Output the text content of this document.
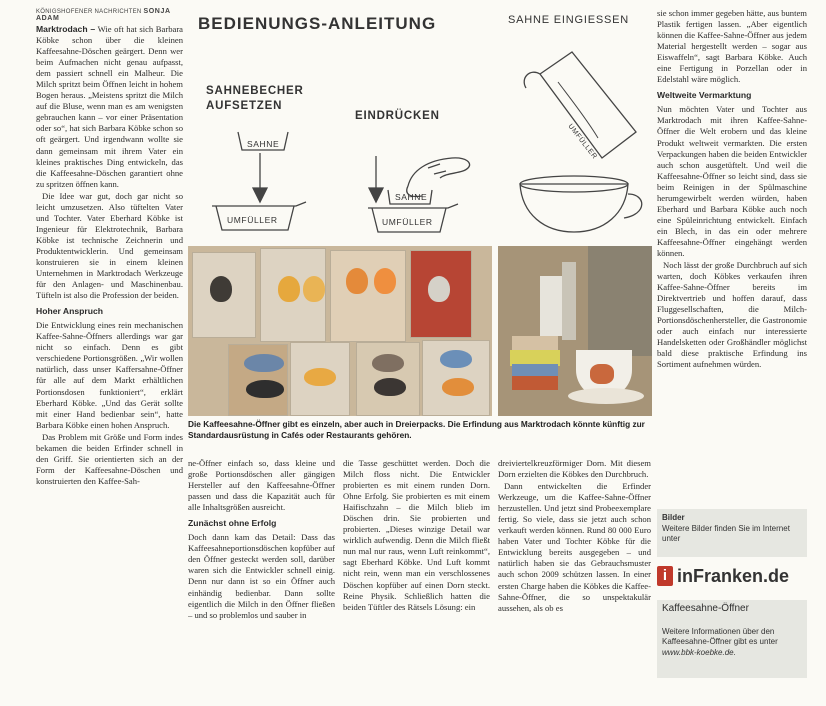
KÖNIGSHOFENER NACHRICHTEN SONJA ADAM

Marktrodach – Wie oft hat sich Barbara Köbke schon über die kleinen Kaffeesahne-Döschen geärgert. Denn wer beim Aufmachen nicht genau aufpasst, dem passiert schnell ein Malheur. Die Milch spritzt beim Öffnen leicht in hohem Bogen heraus. „Meistens spritzt die Milch auf die Bluse, wenn man es am wenigsten gebrauchen kann – vor einer Präsentation oder so“, hat sich Barbara Köbke schon so oft geärgert. Und irgendwann wollte sie dann gemeinsam mit ihrem Vater ein kleines praktisches Ding entwickeln, das die Kaffeesahne-Döschen garantiert ohne zu spritzen öffnen kann.

Die Idee war gut, doch gar nicht so leicht umzusetzen. Also tüftelten Vater und Tochter. Vater Eberhard Köbke ist Ingenieur für Elektrotechnik, Barbara Köbke ist technische Zeichnerin und Produktentwicklerin. Und gemeinsam konstruieren sie in einem kleinen Unternehmen in Marktrodach Werkzeuge für den Anlagen- und Maschinenbau. Tüfteln ist also die Profession der beiden.

Hoher Anspruch

Die Entwicklung eines rein mechanischen Kaffee-Sahne-Öffners allerdings war gar nicht so einfach. Denn es gibt verschiedene Portionsgrößen. „Wir wollen natürlich, dass unser Kaffersahne-Öffner für alle auf dem Markt erhältlichen Portionsdosen funktioniert“, erklärt Eberhard Köbke. „Und das Gerät sollte mit einer Hand bedienbar sein“, hatte Barbara Köbke einen hohen Anspruch.

Das Problem mit Größe und Form indes bekamen die beiden Erfinder schnell in den Griff. Sie orientierten sich an der Form der Kaffeesahne-Döschen und konstruierten den Kaffee-Sah-

BEDIENUNGS-ANLEITUNG
SAHNEBECHER
AUFSETZEN
EINDRÜCKEN
SAHNE EINGIESSEN
SAHNE
UMFÜLLER
SAHNE
UMFÜLLER
UMFÜLLER
Die Kaffeesahne-Öffner gibt es einzeln, aber auch in Dreierpacks. Die Erfindung aus Marktrodach könnte künftig zur Standardausrüstung in Cafés oder Restaurants gehören.

ne-Öffner einfach so, dass kleine und große Portionsdöschen aller gängigen Hersteller auf den Kaffeesahne-Öffner passen und dass die Kapazität auch für alle Inhaltsgrößen ausreicht.

Zunächst ohne Erfolg

Doch dann kam das Detail: Dass das Kaffeesahneportionsdöschen kopfüber auf den Öffner gesteckt werden soll, darüber waren sich die Entwickler schnell einig. Denn nur dann ist so ein Öffner auch einhändig bedienbar. Dann sollte eigentlich die Milch in den Öffner fließen – und so problemlos und sauber in

die Tasse geschüttet werden. Doch die Milch floss nicht. Die Entwickler probierten es mit einem runden Dorn. Ohne Erfolg. Sie probierten es mit einem Haifischzahn – die Milch blieb im Döschen drin. Sie probierten und probierten. „Dieses winzige Detail war wirklich aufwendig. Denn die Milch fließt nun mal nur raus, wenn Luft reinkommt“, sagt Eberhard Köbke. Und Luft kommt nicht rein, wenn man ein verschlossenes Döschen kopfüber auf einen Dorn steckt. Reine Physik. Schließlich hatten die beiden Tüftler des Rätsels Lösung: ein

dreiviertelkreuzförmiger Dorn. Mit diesem Dorn erzielten die Köbkes den Durchbruch.

Dann entwickelten die Erfinder Werkzeuge, um die Kaffee-Sahne-Öffner herzustellen. Und jetzt sind Probeexemplare fertig. So viele, dass sie jetzt auch schon verkauft werden können. Rund 80 000 Euro haben Vater und Tochter Köbke für die Entwicklung bereits ausgegeben – und natürlich haben sie das Gebrauchsmuster auch schon 2009 schützen lassen. In einer ersten Charge haben die Köbkes die Kaffee-Sahne-Öffner, die so unspektakulär aussehen, als ob es

sie schon immer gegeben hätte, aus buntem Plastik fertigen lassen. „Aber eigentlich können die Kaffee-Sahne-Öffner aus jedem Material hergestellt werden – sogar aus Eiswaffeln“, sagt Barbara Köbke. Auch eine Fertigung in Porzellan oder in Edelstahl wäre möglich.

Weltweite Vermarktung

Nun möchten Vater und Tochter aus Marktrodach mit ihren Kaffee-Sahne-Öffner die Welt erobern und das kleine Produkt weltweit vermarkten. Die ersten Verpackungen haben die beiden Entwickler auch schon ausgetüftelt. Und weil die Kaffeesahne-Öffner so leicht sind, dass sie beim Reinigen in der Spülmaschine herumgewirbelt werden würden, haben Eberhard und Barbara Köbke auch noch eine Spüleinrichtung entwickelt. Einfach ein Blech, in das ein oder mehrere Kaffeesahne-Öffner eingehängt werden können.

Noch lässt der große Durchbruch auf sich warten, doch Köbkes verkaufen ihren Kaffee-Sahne-Öffner bereits im Direktvertrieb und hoffen darauf, dass Fluggesellschaften, die Milch-Portionsdöschenhersteller, die Gastronomie oder auch einfach nur interessierte Handelsketten oder Großhändler möglichst bald diese praktische Erfindung ins Sortiment aufnehmen würden.

Bilder
Weitere Bilder finden Sie im Internet unter
i inFranken.de
Kaffeesahne-Öffner
Weitere Informationen über den Kaffeesahne-Öffner gibt es unter
www.bbk-koebke.de.
